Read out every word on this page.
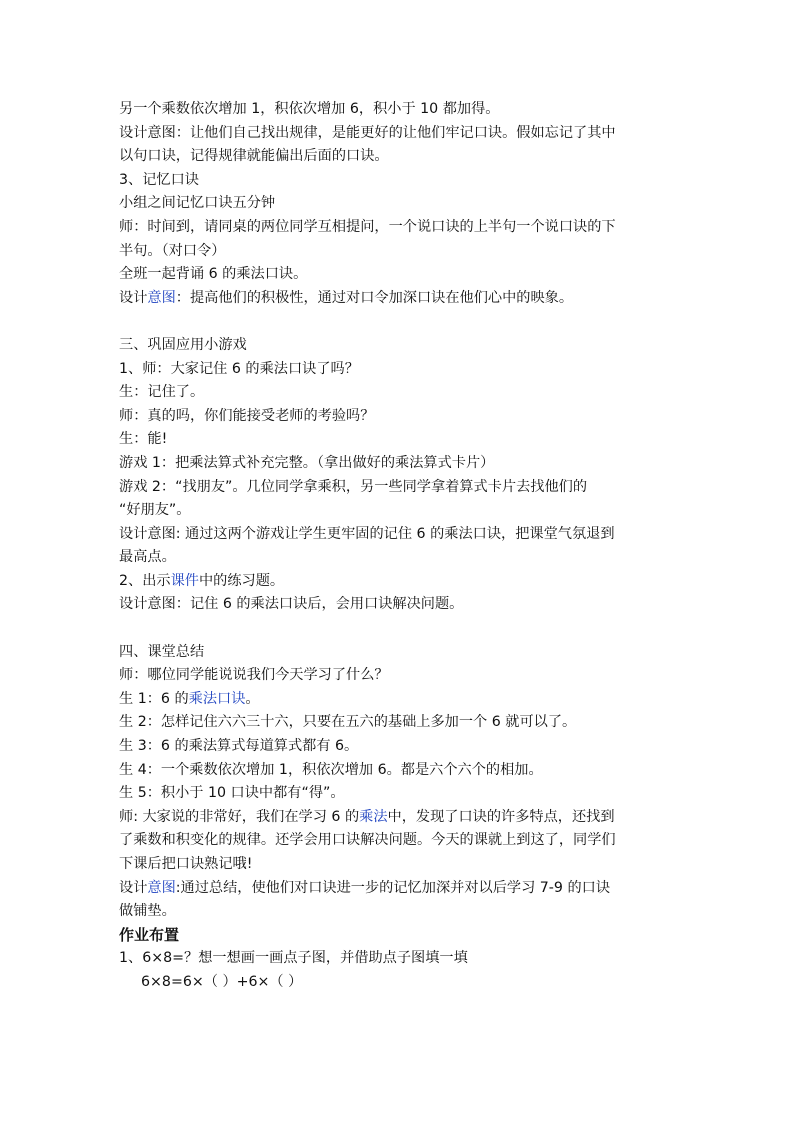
另一个乘数依次增加 1，积依次增加 6，积小于 10 都加得。
设计意图：让他们自己找出规律，是能更好的让他们牢记口诀。假如忘记了其中
以句口诀，记得规律就能偏出后面的口诀。
3、记忆口诀
小组之间记忆口诀五分钟
师：时间到，请同桌的两位同学互相提问，一个说口诀的上半句一个说口诀的下
半句。（对口令）
全班一起背诵 6 的乘法口诀。
设计意图：提高他们的积极性，通过对口令加深口诀在他们心中的映象。
三、巩固应用小游戏
1、师：大家记住 6 的乘法口诀了吗？
生：记住了。
师：真的吗，你们能接受老师的考验吗？
生：能!
游戏 1：把乘法算式补充完整。（拿出做好的乘法算式卡片）
游戏 2：“找朋友”。几位同学拿乘积，另一些同学拿着算式卡片去找他们的
“好朋友”。
设计意图: 通过这两个游戏让学生更牢固的记住 6 的乘法口诀，把课堂气氛退到
最高点。
2、出示课件中的练习题。
设计意图：记住 6 的乘法口诀后，会用口诀解决问题。
四、课堂总结
师：哪位同学能说说我们今天学习了什么？
生 1：6 的乘法口诀。
生 2：怎样记住六六三十六，只要在五六的基础上多加一个 6 就可以了。
生 3：6 的乘法算式每道算式都有 6。
生 4：一个乘数依次增加 1，积依次增加 6。都是六个六个的相加。
生 5：积小于 10 口诀中都有“得”。
师: 大家说的非常好，我们在学习 6 的乘法中，发现了口诀的许多特点，还找到
了乘数和积变化的规律。还学会用口诀解决问题。今天的课就上到这了，同学们
下课后把口诀熟记哦!
设计意图:通过总结，使他们对口诀进一步的记忆加深并对以后学习 7-9 的口诀
做铺垫。
作业布置
1、6×8=？想一想画一画点子图，并借助点子图填一填
6×8=6×（ ）+6×（ ）
